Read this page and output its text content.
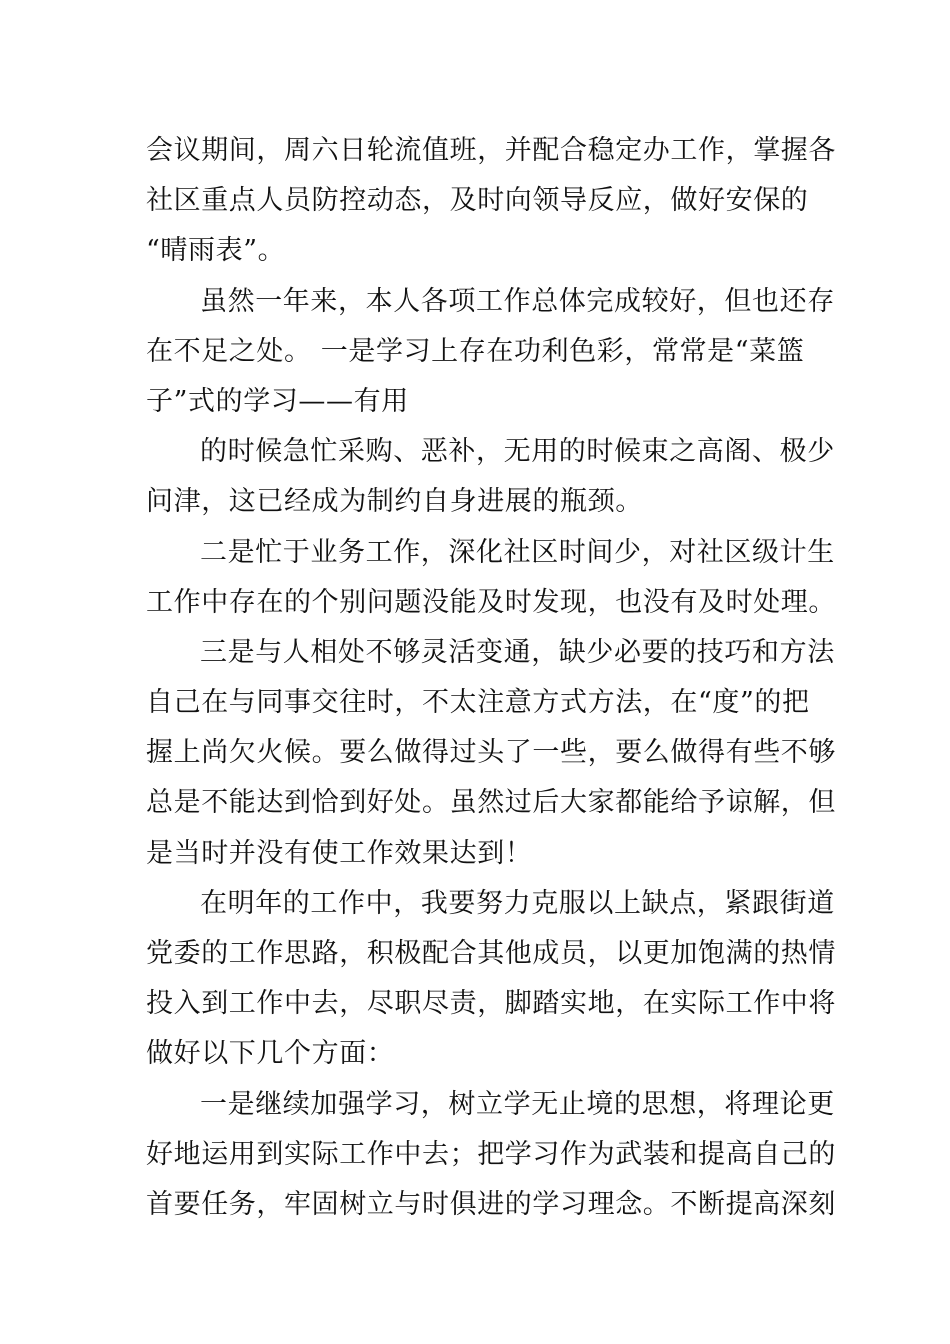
会议期间，周六日轮流值班，并配合稳定办工作，掌握各
社区重点人员防控动态，及时向领导反应，做好安保的
“晴雨表”。
虽然一年来，本人各项工作总体完成较好，但也还存
在不足之处。 一是学习上存在功利色彩，常常是“菜篮
子”式的学习——有用
的时候急忙采购、恶补，无用的时候束之高阁、极少
问津，这已经成为制约自身进展的瓶颈。
二是忙于业务工作，深化社区时间少，对社区级计生
工作中存在的个别问题没能及时发现，也没有及时处理。
三是与人相处不够灵活变通，缺少必要的技巧和方法
自己在与同事交往时，不太注意方式方法，在“度”的把
握上尚欠火候。要么做得过头了一些，要么做得有些不够
总是不能达到恰到好处。虽然过后大家都能给予谅解，但
是当时并没有使工作效果达到！
在明年的工作中，我要努力克服以上缺点，紧跟街道
党委的工作思路，积极配合其他成员，以更加饱满的热情
投入到工作中去，尽职尽责，脚踏实地，在实际工作中将
做好以下几个方面：
一是继续加强学习，树立学无止境的思想，将理论更
好地运用到实际工作中去；把学习作为武装和提高自己的
首要任务，牢固树立与时俱进的学习理念。不断提高深刻
